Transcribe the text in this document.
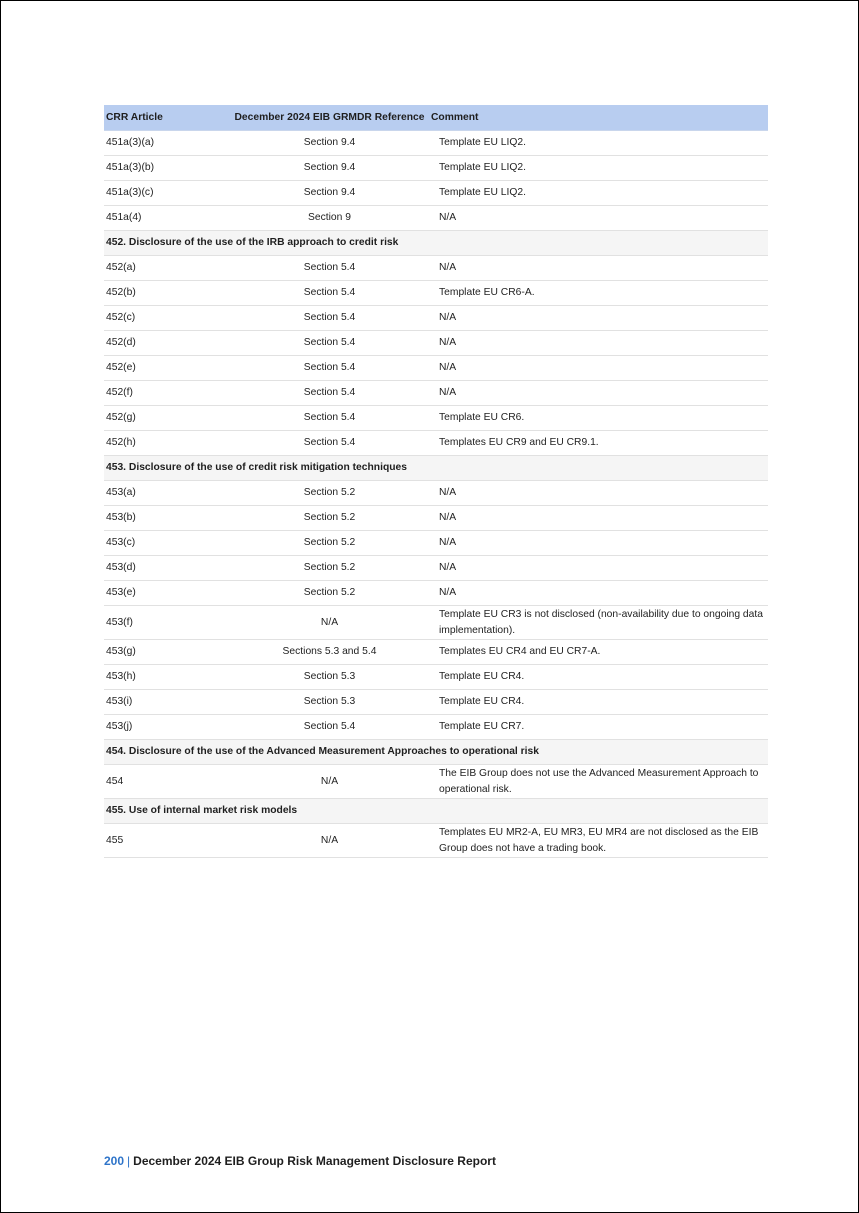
CRR Article	December 2024 EIB GRMDR Reference	Comment
451a(3)(a)	Section 9.4	Template EU LIQ2.
451a(3)(b)	Section 9.4	Template EU LIQ2.
451a(3)(c)	Section 9.4	Template EU LIQ2.
451a(4)	Section 9	N/A
452. Disclosure of the use of the IRB approach to credit risk		
452(a)	Section 5.4	N/A
452(b)	Section 5.4	Template EU CR6-A.
452(c)	Section 5.4	N/A
452(d)	Section 5.4	N/A
452(e)	Section 5.4	N/A
452(f)	Section 5.4	N/A
452(g)	Section 5.4	Template EU CR6.
452(h)	Section 5.4	Templates EU CR9 and EU CR9.1.
453. Disclosure of the use of credit risk mitigation techniques		
453(a)	Section 5.2	N/A
453(b)	Section 5.2	N/A
453(c)	Section 5.2	N/A
453(d)	Section 5.2	N/A
453(e)	Section 5.2	N/A
453(f)	N/A	Template EU CR3 is not disclosed (non-availability due to ongoing data implementation).
453(g)	Sections 5.3 and 5.4	Templates EU CR4 and EU CR7-A.
453(h)	Section 5.3	Template EU CR4.
453(i)	Section 5.3	Template EU CR4.
453(j)	Section 5.4	Template EU CR7.
454. Disclosure of the use of the Advanced Measurement Approaches to operational risk		
454	N/A	The EIB Group does not use the Advanced Measurement Approach to operational risk.
455. Use of internal market risk models		
455	N/A	Templates EU MR2-A, EU MR3, EU MR4 are not disclosed as the EIB Group does not have a trading book.
200 | December 2024 EIB Group Risk Management Disclosure Report
